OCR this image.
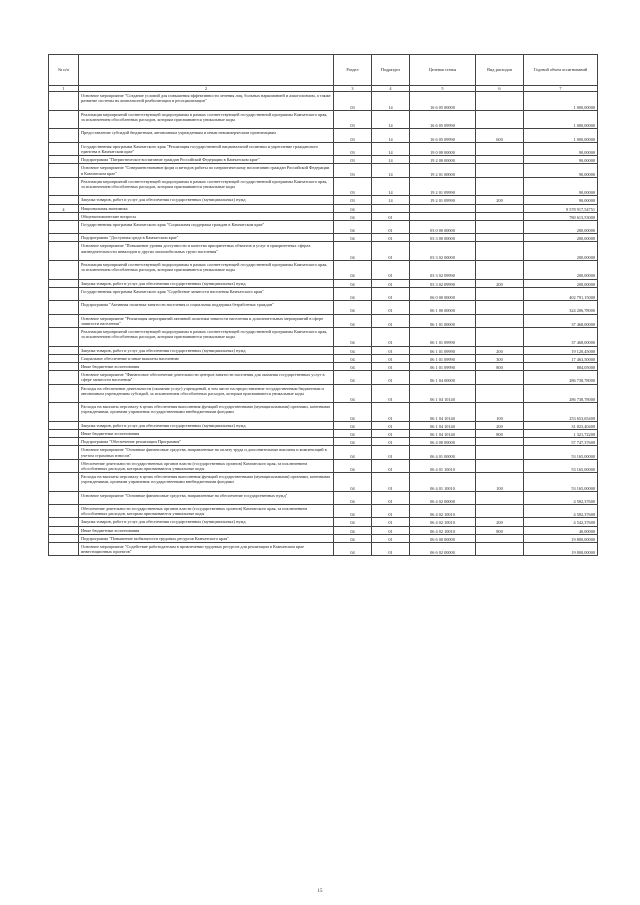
№ п/п		Раздел	Подраздел	Целевая статья	Вид расходов	Годовой объем ассигнований
1	2	3	4	5	6	7
	Основное мероприятие "Создание условий для повышения эффективности лечения лиц, больных наркоманией и алкоголизмом, а также развитие системы их комплексной реабилитации и ресоциализации"	03	14	16 6 05 00000		1 000,00000
	Реализация мероприятий соответствующей подпрограммы в рамках соответствующей государственной программы Камчатского края, за исключением обособленных расходов, которым присваиваются уникальные коды	03	14	16 6 05 09990		1 000,00000
	Предоставление субсидий бюджетным, автономным учреждениям и иным некоммерческим организациям	03	14	16 6 05 09990	600	1 000,00000
	Государственная программа Камчатского края "Реализация государственной национальной политики и укрепление гражданского единства в Камчатском крае"	03	14	19 0 00 00000		90,00000
	Подпрограмма "Патриотическое воспитание граждан Российской Федерации в Камчатском крае"	03	14	19 2 00 00000		90,00000
	Основное мероприятие "Совершенствование форм и методов работы по патриотическому воспитанию граждан Российской Федерации в Камчатском крае"	03	14	19 2 01 00000		90,00000
	Реализация мероприятий соответствующей подпрограммы в рамках соответствующей государственной программы Камчатского края, за исключением обособленных расходов, которым присваиваются уникальные коды	03	14	19 2 01 09990		90,00000
	Закупка товаров, работ и услуг для обеспечения государственных (муниципальных) нужд	03	14	19 2 01 09990	200	90,00000
4	Национальная экономика	04				9 578 917,54751
	Общеэкономические вопросы	04	01			780 613,53000
	Государственная программа Камчатского края "Социальная поддержка граждан в Камчатском крае"	04	01	03 0 00 00000		200,00000
	Подпрограмма "Доступная среда в Камчатском крае"	04	01	03 3 00 00000		200,00000
	Основное мероприятие "Повышение уровня доступности и качества приоритетных объектов и услуг в приоритетных сферах жизнедеятельности инвалидов и других маломобильных групп населения"	04	01	03 3 02 00000		200,00000
	Реализация мероприятий соответствующей подпрограммы в рамках соответствующей государственной программы Камчатского края, за исключением обособленных расходов, которым присваиваются уникальные коды	04	01	03 3 02 09990		200,00000
	Закупка товаров, работ и услуг для обеспечения государственных (муниципальных) нужд	04	01	03 3 02 09990	200	200,00000
	Государственная программа Камчатского края "Содействие занятости населения Камчатского края"	04	01	06 0 00 00000		402 791,15000
	Подпрограмма "Активная политика занятости населения и социальная поддержка безработных граждан"	04	01	06 1 00 00000		324 206,78000
	Основное мероприятие "Реализация мероприятий активной политики занятости населения и дополнительных мероприятий в сфере занятости населения"	04	01	06 1 01 00000		37 468,00000
	Реализация мероприятий соответствующей подпрограммы в рамках соответствующей государственной программы Камчатского края, за исключением обособленных расходов, которым присваиваются уникальные коды	04	01	06 1 01 09990		37 468,00000
	Закупка товаров, работ и услуг для обеспечения государственных (муниципальных) нужд	04	01	06 1 01 09990	200	19 120,45000
	Социальное обеспечение и иные выплаты населению	04	01	06 1 01 09990	300	17 463,50000
	Иные бюджетные ассигнования	04	01	06 1 01 09990	800	884,05000
	Основное мероприятие "Финансовое обеспечение деятельности центров занятости населения для оказания государственных услуг в сфере занятости населения"	04	01	06 1 04 00000		286 738,78000
	Расходы на обеспечение деятельности (оказание услуг) учреждений, в том числе на предоставление государственным бюджетным и автономным учреждениям субсидий, за исключением обособленных расходов, которым присваиваются уникальные коды	04	01	06 1 04 10140		286 738,78000
	Расходы на выплаты персоналу в целях обеспечения выполнения функций государственными (муниципальными) органами, казенными учреждениями, органами управления государственными внебюджетными фондами	04	01	06 1 04 10140	100	253 653,65400
	Закупка товаров, работ и услуг для обеспечения государственных (муниципальных) нужд	04	01	06 1 04 10140	200	31 823,40400
	Иные бюджетные ассигнования	04	01	06 1 04 10140	800	1 321,72200
	Подпрограмма "Обеспечение реализации Программы"	04	01	06 4 00 00000		57 747,37600
	Основное мероприятие "Основные финансовые средства, направленные на оплату труда и дополнительные выплаты и компенсаций в учетом страховых взносов"	04	01	06 4 01 00000		53 165,00000
	Обеспечение деятельности государственных органов власти (государственных органов) Камчатского края, за исключением обособленных расходов, которым присваиваются уникальные коды	04	01	06 4 01 10010		53 165,00000
	Расходы на выплаты персоналу в целях обеспечения выполнения функций государственными (муниципальными) органами, казенными учреждениями, органами управления государственными внебюджетными фондами	04	01	06 4 01 10010	100	53 165,00000
	Основное мероприятие "Основные финансовые средства, направленные на обеспечение государственных нужд"	04	01	06 4 02 00000		4 582,37600
	Обеспечение деятельности государственных органов власти (государственных органов) Камчатского края, за исключением обособленных расходов, которым присваиваются уникальные коды	04	01	06 4 02 10010		4 582,37600
	Закупка товаров, работ и услуг для обеспечения государственных (муниципальных) нужд	04	01	06 4 02 10010	200	4 542,37600
	Иные бюджетные ассигнования	04	01	06 4 02 10010	800	40,00000
	Подпрограмма "Повышение мобильности трудовых ресурсов Камчатского края"	04	01	06 6 00 00000		19 800,00000
	Основное мероприятие "Содействие работодателям в привлечении трудовых ресурсов для реализации в Камчатском крае инвестиционных проектов"	04	01	06 6 02 00000		19 800,00000
15
